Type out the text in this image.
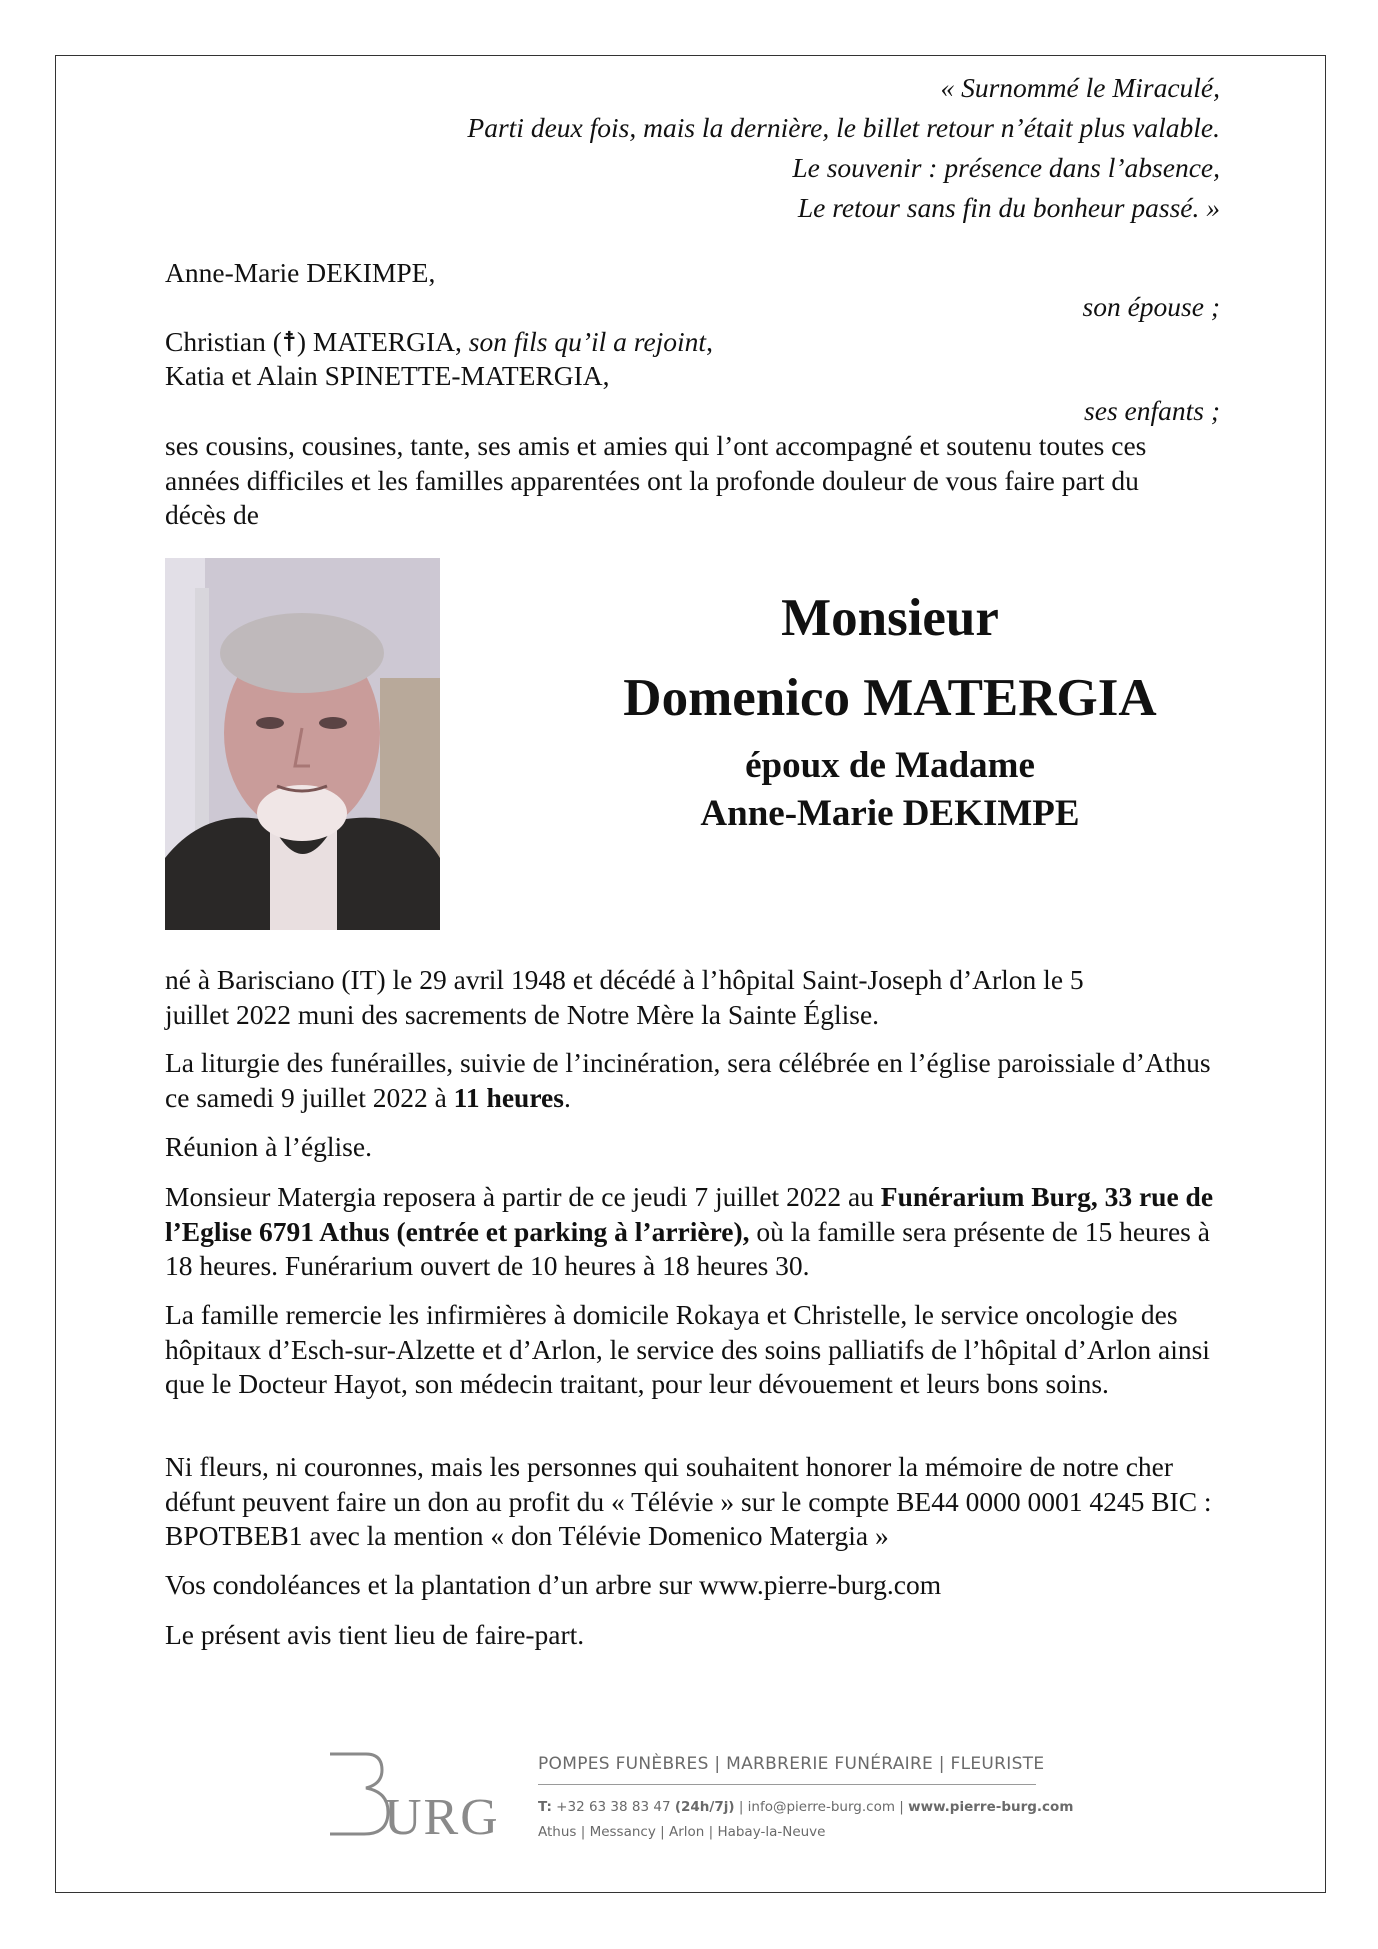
« Surnommé le Miraculé,
Parti deux fois, mais la dernière, le billet retour n’était plus valable.
Le souvenir : présence dans l’absence,
Le retour sans fin du bonheur passé. »
Anne-Marie DEKIMPE,
son épouse ;
Christian (☨) MATERGIA, son fils qu’il a rejoint,
Katia et Alain SPINETTE-MATERGIA,
ses enfants ;
ses cousins, cousines, tante, ses amis et amies qui l’ont accompagné et soutenu toutes ces années difficiles et les familles apparentées ont la profonde douleur de vous faire part du décès de
Monsieur
Domenico MATERGIA
époux de Madame
Anne-Marie DEKIMPE
né à Barisciano (IT) le 29 avril 1948 et décédé à l’hôpital Saint-Joseph d’Arlon le 5 juillet 2022 muni des sacrements de Notre Mère la Sainte Église.
La liturgie des funérailles, suivie de l’incinération, sera célébrée en l’église paroissiale d’Athus ce samedi 9 juillet 2022 à 11 heures.
Réunion à l’église.
Monsieur Matergia reposera à partir de ce jeudi 7 juillet 2022 au Funérarium Burg, 33 rue de l’Eglise 6791 Athus (entrée et parking à l’arrière), où la famille sera présente de 15 heures à 18 heures. Funérarium ouvert de 10 heures à 18 heures 30.
La famille remercie les infirmières à domicile Rokaya et Christelle, le service oncologie des hôpitaux d’Esch-sur-Alzette et d’Arlon, le service des soins palliatifs de l’hôpital d’Arlon ainsi que le Docteur Hayot, son médecin traitant, pour leur dévouement et leurs bons soins.
Ni fleurs, ni couronnes, mais les personnes qui souhaitent honorer la mémoire de notre cher défunt peuvent faire un don au profit du « Télévie » sur le compte BE44 0000 0001 4245 BIC : BPOTBEB1 avec la mention « don Télévie Domenico Matergia »
Vos condoléances et la plantation d’un arbre sur www.pierre-burg.com
Le présent avis tient lieu de faire-part.
URG
POMPES FUNÈBRES | MARBRERIE FUNÉRAIRE | FLEURISTE
T: +32 63 38 83 47 (24h/7j) | info@pierre-burg.com | www.pierre-burg.com
Athus | Messancy | Arlon | Habay-la-Neuve
